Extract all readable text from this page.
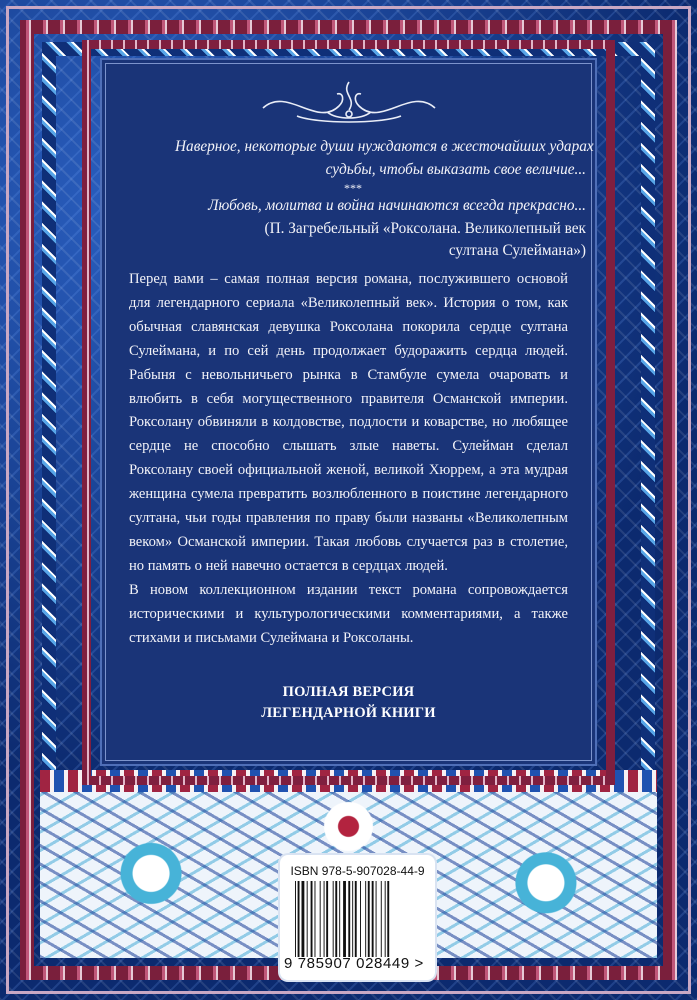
Наверное, некоторые души нуждаются в жесточайших ударах
судьбы, чтобы выказать свое величие...
***
Любовь, молитва и война начинаются всегда прекрасно...
(П. Загребельный «Роксолана. Великолепный век
султана Сулеймана»)

Перед вами – самая полная версия романа, послужившего основой для легендарного сериала «Великолепный век». История о том, как обычная славянская девушка Роксолана покорила сердце султана Сулеймана, и по сей день продолжает будоражить сердца людей. Рабыня с невольничьего рынка в Стамбуле сумела очаровать и влюбить в себя могущественного правителя Османской империи. Роксолану обвиняли в колдовстве, подлости и коварстве, но любящее сердце не способно слышать злые наветы. Сулейман сделал Роксолану своей официальной женой, великой Хюррем, а эта мудрая женщина сумела превратить возлюбленного в поистине легендарного султана, чьи годы правления по праву были названы «Великолепным веком» Османской империи. Такая любовь случается раз в столетие, но память о ней навечно остается в сердцах людей.

В новом коллекционном издании текст романа сопровождается историческими и культурологическими комментариями, а также стихами и письмами Сулеймана и Роксоланы.

ПОЛНАЯ ВЕРСИЯ
ЛЕГЕНДАРНОЙ КНИГИ
ISBN 978-5-907028-44-9
9 785907 028449 >
